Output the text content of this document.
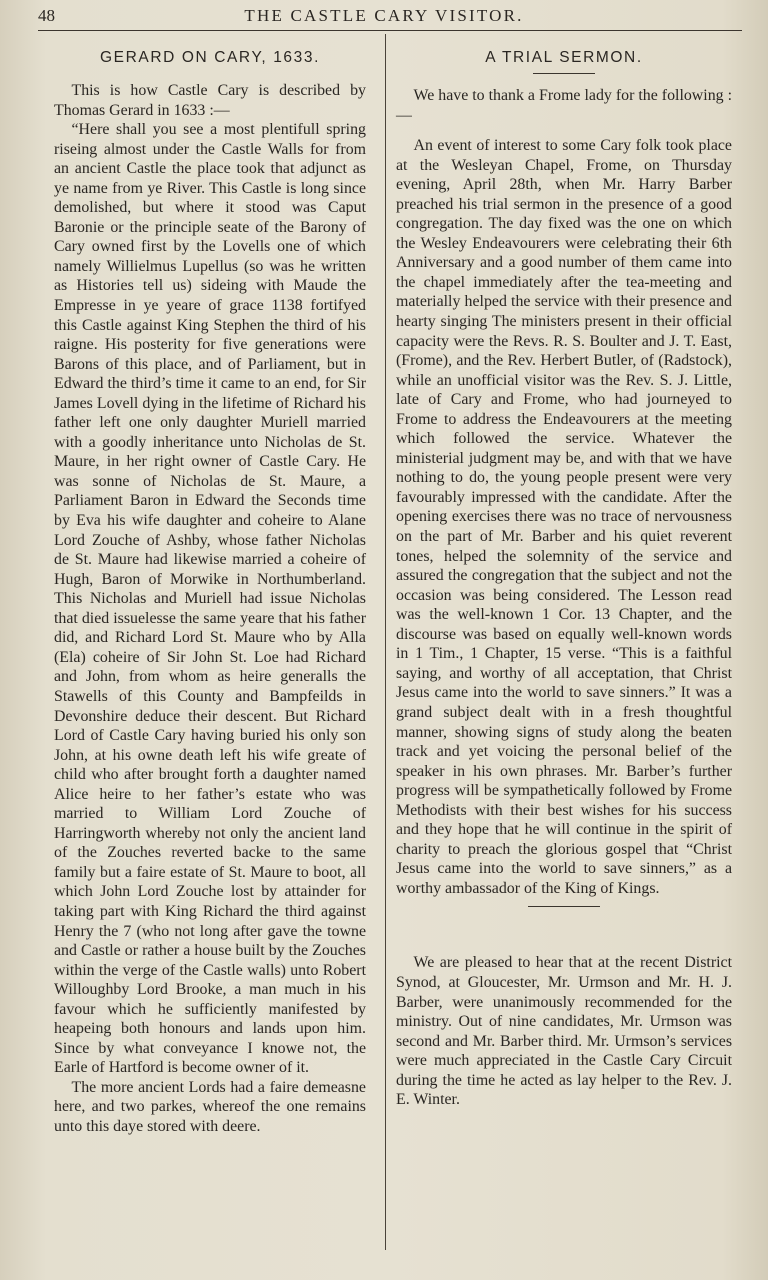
48	THE CASTLE CARY VISITOR.
GERARD ON CARY, 1633.

This is how Castle Cary is described by Thomas Gerard in 1633 :—

“Here shall you see a most plentifull spring riseing almost under the Castle Walls for from an ancient Castle the place took that adjunct as ye name from ye River. This Castle is long since demolished, but where it stood was Caput Baronie or the principle seate of the Barony of Cary owned first by the Lovells one of which namely Willielmus Lupellus (so was he written as Histories tell us) sideing with Maude the Empresse in ye yeare of grace 1138 fortifyed this Castle against King Stephen the third of his raigne. His posterity for five generations were Barons of this place, and of Parliament, but in Edward the third’s time it came to an end, for Sir James Lovell dying in the lifetime of Richard his father left one only daughter Muriell married with a goodly inheritance unto Nicholas de St. Maure, in her right owner of Castle Cary. He was sonne of Nicholas de St. Maure, a Parliament Baron in Edward the Seconds time by Eva his wife daughter and coheire to Alane Lord Zouche of Ashby, whose father Nicholas de St. Maure had likewise married a coheire of Hugh, Baron of Morwike in Northumberland. This Nicholas and Muriell had issue Nicholas that died issuelesse the same yeare that his father did, and Richard Lord St. Maure who by Alla (Ela) coheire of Sir John St. Loe had Richard and John, from whom as heire generalls the Stawells of this County and Bampfeilds in Devonshire deduce their descent. But Richard Lord of Castle Cary having buried his only son John, at his owne death left his wife greate of child who after brought forth a daughter named Alice heire to her father’s estate who was married to William Lord Zouche of Harringworth whereby not only the ancient land of the Zouches reverted backe to the same family but a faire estate of St. Maure to boot, all which John Lord Zouche lost by attainder for taking part with King Richard the third against Henry the 7 (who not long after gave the towne and Castle or rather a house built by the Zouches within the verge of the Castle walls) unto Robert Willoughby Lord Brooke, a man much in his favour which he sufficiently manifested by heapeing both honours and lands upon him. Since by what conveyance I knowe not, the Earle of Hartford is become owner of it.

The more ancient Lords had a faire demeasne here, and two parkes, whereof the one remains unto this daye stored with deere.

A TRIAL SERMON.

We have to thank a Frome lady for the following :—

An event of interest to some Cary folk took place at the Wesleyan Chapel, Frome, on Thursday evening, April 28th, when Mr. Harry Barber preached his trial sermon in the presence of a good congregation. The day fixed was the one on which the Wesley Endeavourers were celebrating their 6th Anniversary and a good number of them came into the chapel immediately after the tea-meeting and materially helped the service with their presence and hearty singing The ministers present in their official capacity were the Revs. R. S. Boulter and J. T. East, (Frome), and the Rev. Herbert Butler, of (Radstock), while an unofficial visitor was the Rev. S. J. Little, late of Cary and Frome, who had journeyed to Frome to address the Endeavourers at the meeting which followed the service. Whatever the ministerial judgment may be, and with that we have nothing to do, the young people present were very favourably impressed with the candidate. After the opening exercises there was no trace of nervousness on the part of Mr. Barber and his quiet reverent tones, helped the solemnity of the service and assured the congregation that the subject and not the occasion was being considered. The Lesson read was the well-known 1 Cor. 13 Chapter, and the discourse was based on equally well-known words in 1 Tim., 1 Chapter, 15 verse. “This is a faithful saying, and worthy of all acceptation, that Christ Jesus came into the world to save sinners.” It was a grand subject dealt with in a fresh thoughtful manner, showing signs of study along the beaten track and yet voicing the personal belief of the speaker in his own phrases. Mr. Barber’s further progress will be sympathetically followed by Frome Methodists with their best wishes for his success and they hope that he will continue in the spirit of charity to preach the glorious gospel that “Christ Jesus came into the world to save sinners,” as a worthy ambassador of the King of Kings.

We are pleased to hear that at the recent District Synod, at Gloucester, Mr. Urmson and Mr. H. J. Barber, were unanimously recommended for the ministry. Out of nine candidates, Mr. Urmson was second and Mr. Barber third. Mr. Urmson’s services were much appreciated in the Castle Cary Circuit during the time he acted as lay helper to the Rev. J. E. Winter.
